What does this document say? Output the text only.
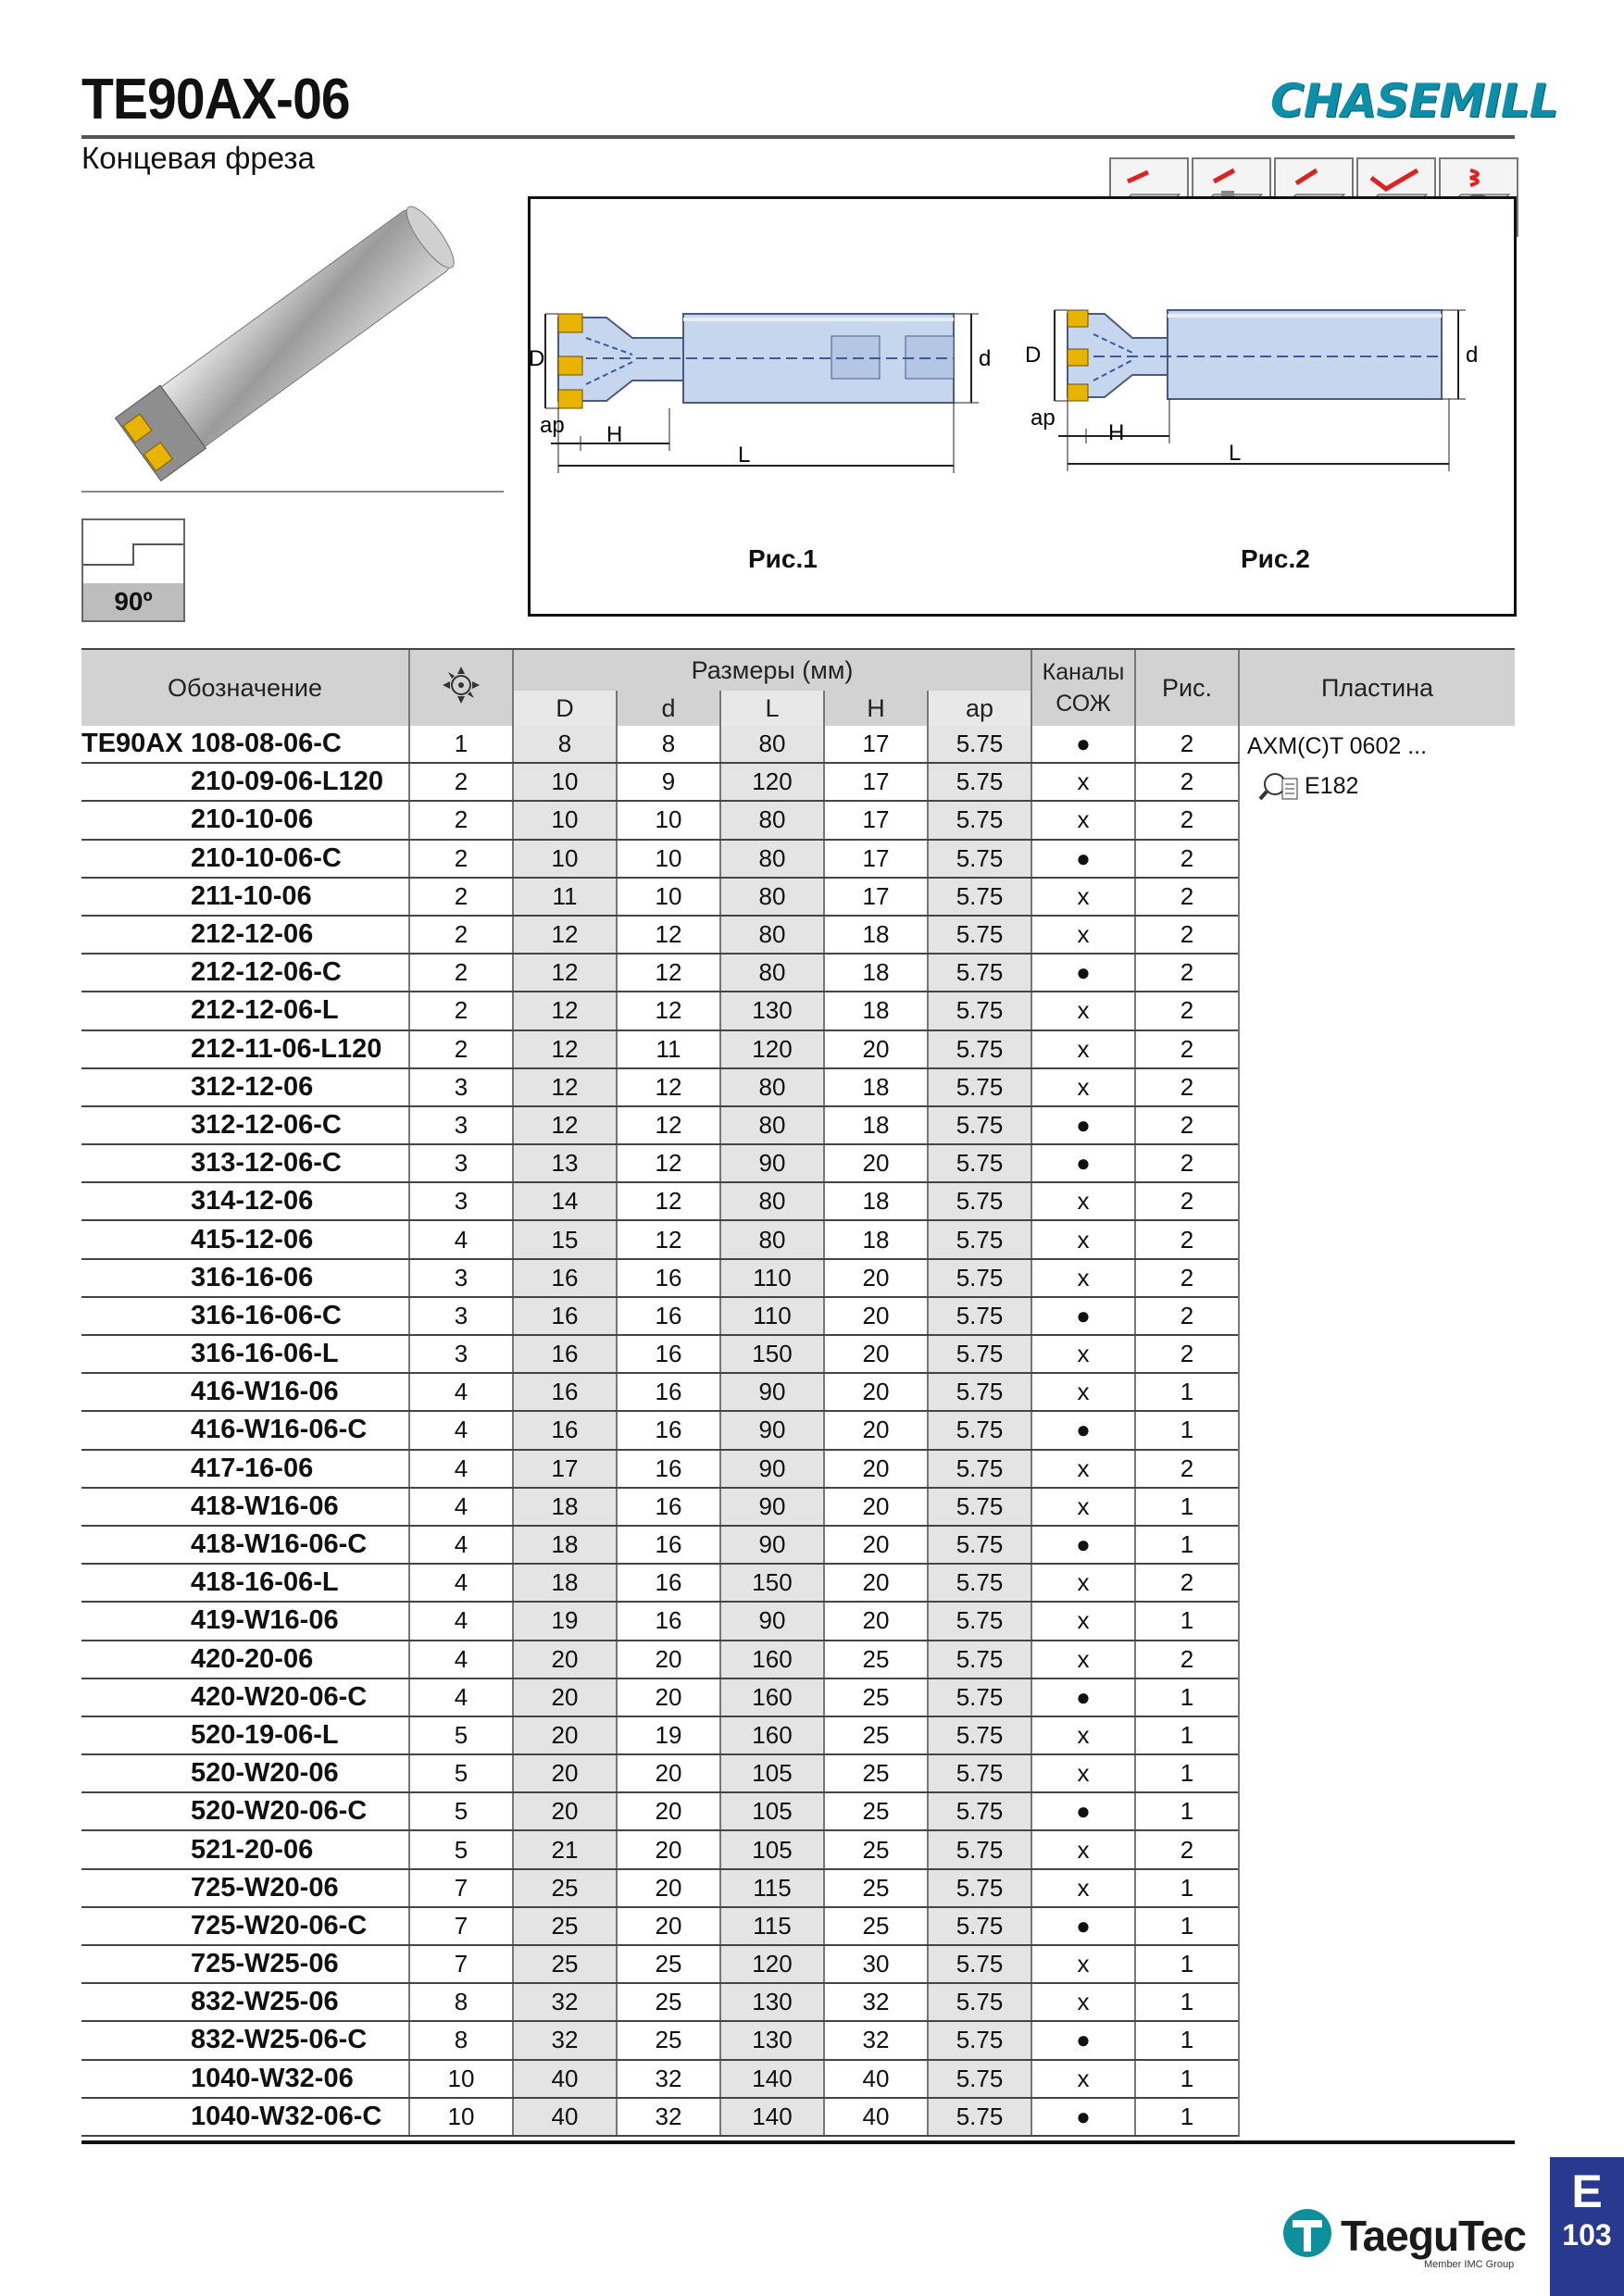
TE90AX-06
Концевая фреза
CHASEMILL
90º
D	d
ap H
L
D	d
ap
H
L
Рис.1	Рис.2
Обозначение		Размеры (мм)					Каналы
СОЖ	Рис.	Пластина
		D	d	L	H	ap			
TE90AX 108-08-06-C	1	8	8	80	17	5.75	●	2	AXM(C)T 0602 ...
E182

210-09-06-L120	2	10	9	120	17	5.75	x	2	
210-10-06	2	10	10	80	17	5.75	x	2	
210-10-06-C	2	10	10	80	17	5.75	●	2	
211-10-06	2	11	10	80	17	5.75	x	2	
212-12-06	2	12	12	80	18	5.75	x	2	
212-12-06-C	2	12	12	80	18	5.75	●	2	
212-12-06-L	2	12	12	130	18	5.75	x	2	
212-11-06-L120	2	12	11	120	20	5.75	x	2	
312-12-06	3	12	12	80	18	5.75	x	2	
312-12-06-C	3	12	12	80	18	5.75	●	2	
313-12-06-C	3	13	12	90	20	5.75	●	2	
314-12-06	3	14	12	80	18	5.75	x	2	
415-12-06	4	15	12	80	18	5.75	x	2	
316-16-06	3	16	16	110	20	5.75	x	2	
316-16-06-C	3	16	16	110	20	5.75	●	2	
316-16-06-L	3	16	16	150	20	5.75	x	2	
416-W16-06	4	16	16	90	20	5.75	x	1	
416-W16-06-C	4	16	16	90	20	5.75	●	1	
417-16-06	4	17	16	90	20	5.75	x	2	
418-W16-06	4	18	16	90	20	5.75	x	1	
418-W16-06-C	4	18	16	90	20	5.75	●	1	
418-16-06-L	4	18	16	150	20	5.75	x	2	
419-W16-06	4	19	16	90	20	5.75	x	1	
420-20-06	4	20	20	160	25	5.75	x	2	
420-W20-06-C	4	20	20	160	25	5.75	●	1	
520-19-06-L	5	20	19	160	25	5.75	x	1	
520-W20-06	5	20	20	105	25	5.75	x	1	
520-W20-06-C	5	20	20	105	25	5.75	●	1	
521-20-06	5	21	20	105	25	5.75	x	2	
725-W20-06	7	25	20	115	25	5.75	x	1	
725-W20-06-C	7	25	20	115	25	5.75	●	1	
725-W25-06	7	25	25	120	30	5.75	x	1	
832-W25-06	8	32	25	130	32	5.75	x	1	
832-W25-06-C	8	32	25	130	32	5.75	●	1	
1040-W32-06	10	40	32	140	40	5.75	x	1	
1040-W32-06-C	10	40	32	140	40	5.75	●	1	
TaeguTec
Member IMC Group
E
103
